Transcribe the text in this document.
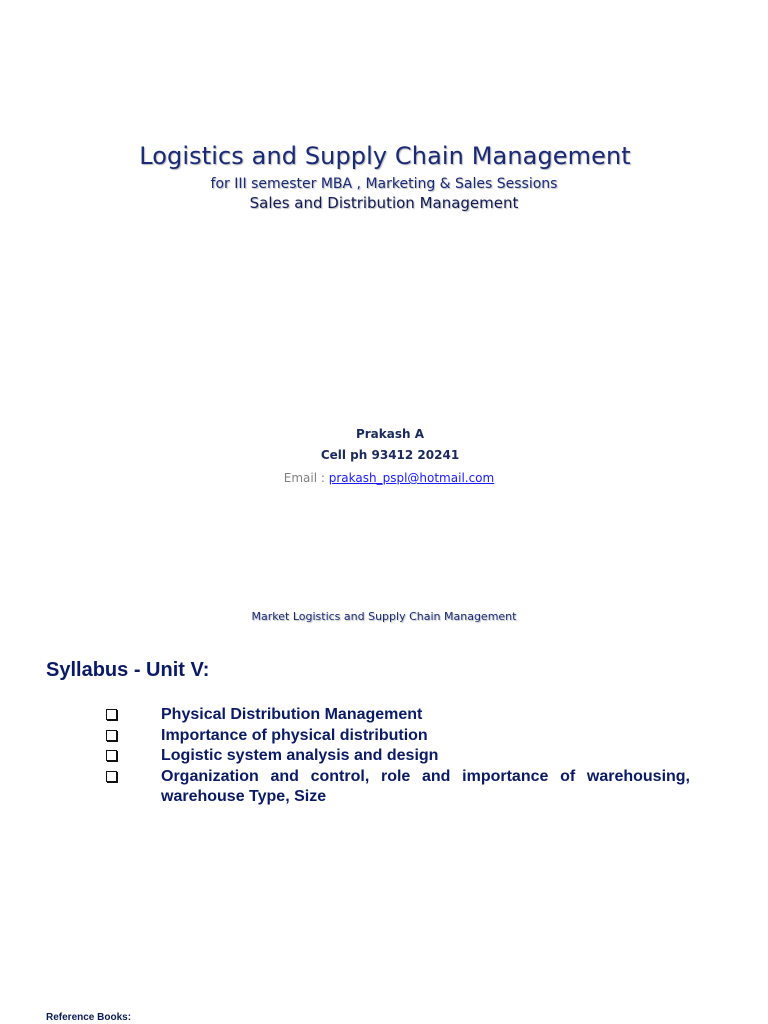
Logistics and Supply Chain Management
for III semester MBA , Marketing & Sales Sessions
Sales and Distribution Management
Prakash A
Cell ph 93412 20241
Email : prakash_pspl@hotmail.com
Market Logistics and Supply Chain Management
Syllabus - Unit V:
Physical Distribution Management
Importance of physical distribution
Logistic system analysis and design
Organization and control, role and importance of warehousing, warehouse Type, Size
Reference Books:
